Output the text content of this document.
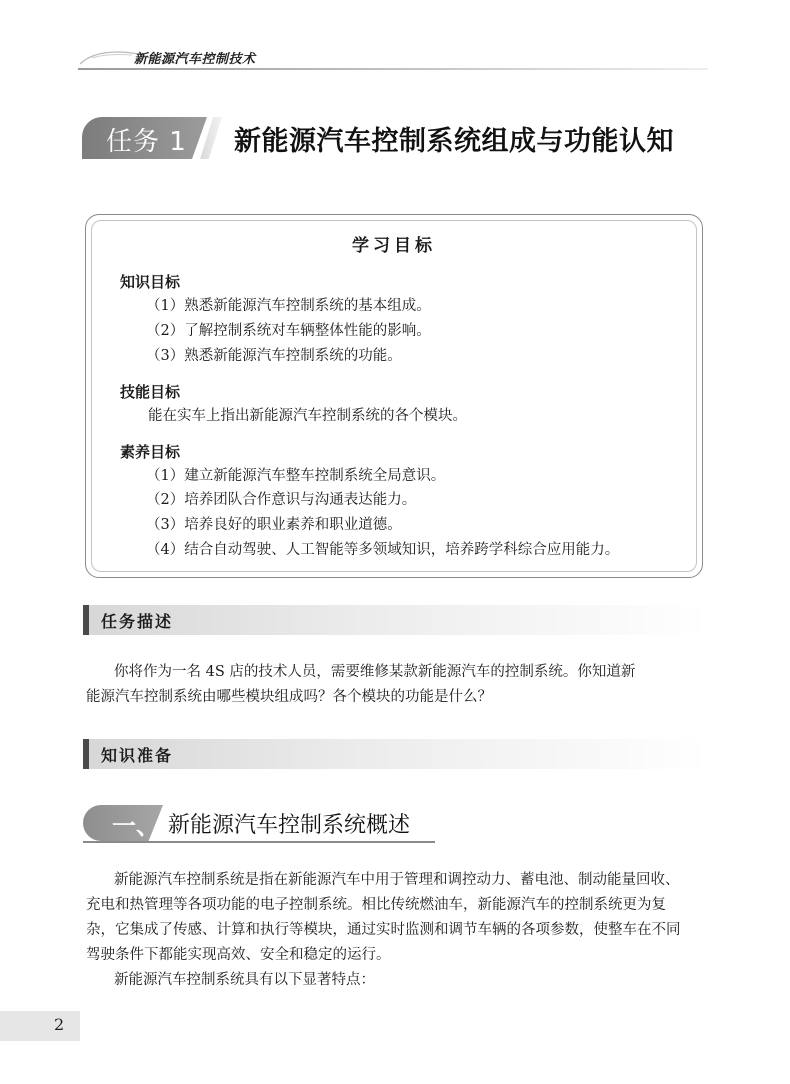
新能源汽车控制技术
任务 1 新能源汽车控制系统组成与功能认知
学习目标
知识目标
（1）熟悉新能源汽车控制系统的基本组成。
（2）了解控制系统对车辆整体性能的影响。
（3）熟悉新能源汽车控制系统的功能。
技能目标
能在实车上指出新能源汽车控制系统的各个模块。
素养目标
（1）建立新能源汽车整车控制系统全局意识。
（2）培养团队合作意识与沟通表达能力。
（3）培养良好的职业素养和职业道德。
（4）结合自动驾驶、人工智能等多领域知识，培养跨学科综合应用能力。
任务描述
你将作为一名 4S 店的技术人员，需要维修某款新能源汽车的控制系统。你知道新
能源汽车控制系统由哪些模块组成吗？各个模块的功能是什么？
知识准备
一、 新能源汽车控制系统概述
新能源汽车控制系统是指在新能源汽车中用于管理和调控动力、蓄电池、制动能量回收、
充电和热管理等各项功能的电子控制系统。相比传统燃油车，新能源汽车的控制系统更为复
杂，它集成了传感、计算和执行等模块，通过实时监测和调节车辆的各项参数，使整车在不同
驾驶条件下都能实现高效、安全和稳定的运行。
新能源汽车控制系统具有以下显著特点：
2
